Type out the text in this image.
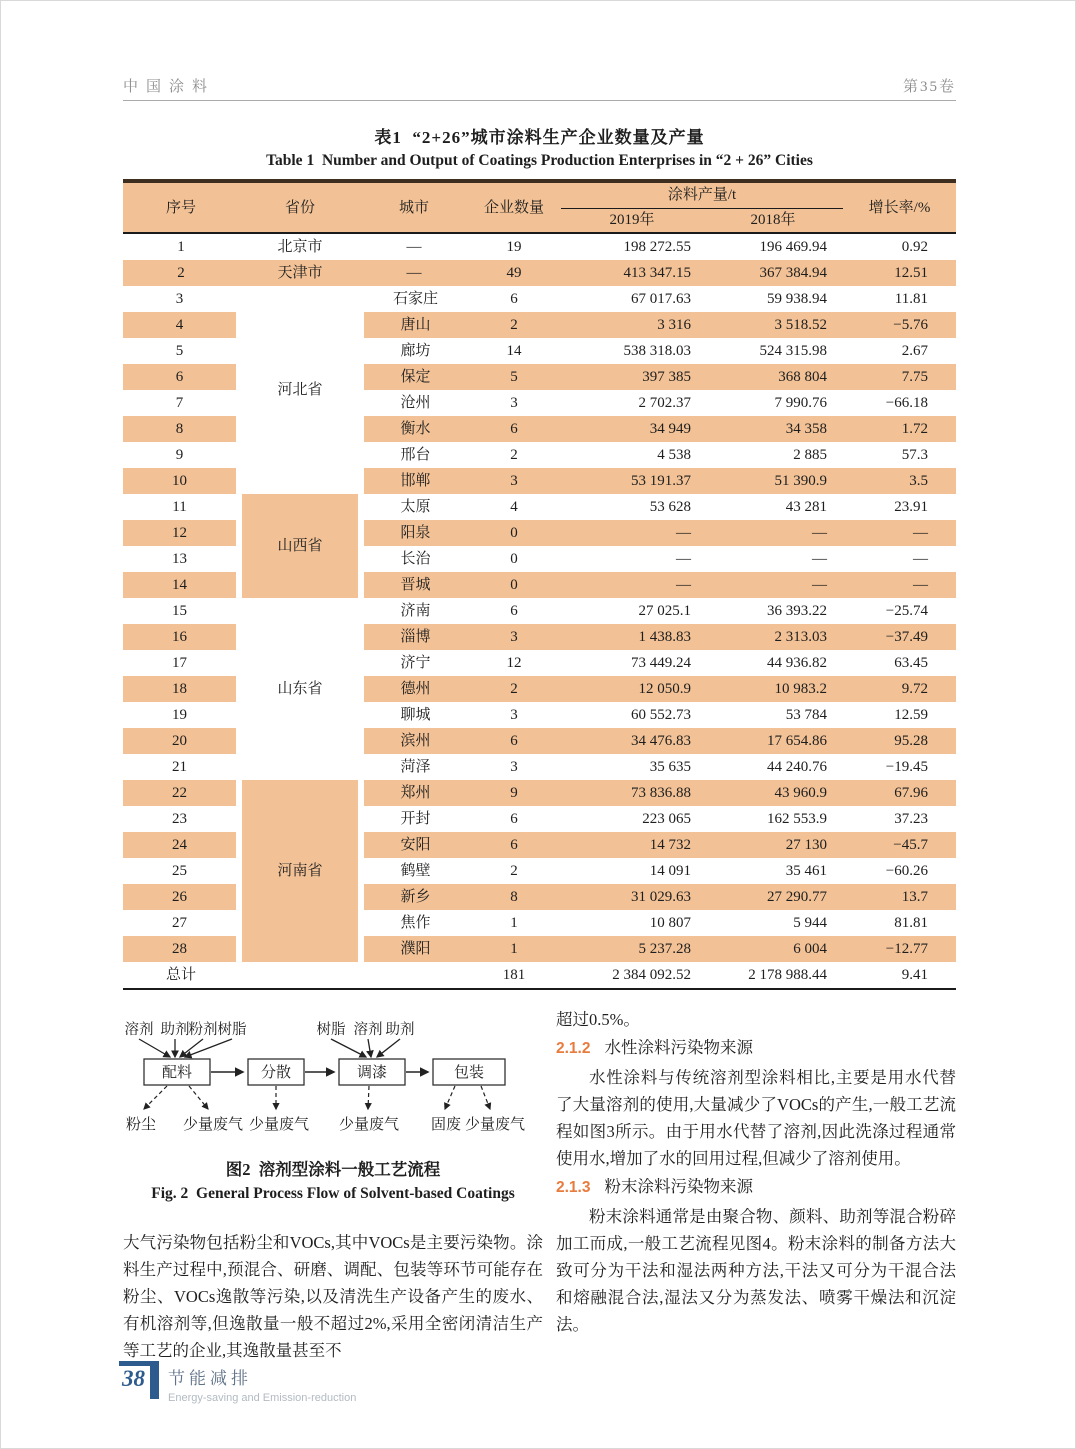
中国涂料	第35卷
表1  “2+26”城市涂料生产企业数量及产量
Table 1  Number and Output of Coatings Production Enterprises in “2 + 26” Cities
序号	省份	城市	企业数量	涂料产量/t		增长率/%
				2019年	2018年	
1	北京市	—	19	198 272.55	196 469.94	0.92
2	天津市	—	49	413 347.15	367 384.94	12.51
3	河北省	石家庄	6	67 017.63	59 938.94	11.81
4		唐山	2	3 316	3 518.52	−5.76
5		廊坊	14	538 318.03	524 315.98	2.67
6		保定	5	397 385	368 804	7.75
7		沧州	3	2 702.37	7 990.76	−66.18
8		衡水	6	34 949	34 358	1.72
9		邢台	2	4 538	2 885	57.3
10		邯郸	3	53 191.37	51 390.9	3.5
11	山西省	太原	4	53 628	43 281	23.91
12		阳泉	0	—	—	—
13		长治	0	—	—	—
14		晋城	0	—	—	—
15	山东省	济南	6	27 025.1	36 393.22	−25.74
16		淄博	3	1 438.83	2 313.03	−37.49
17		济宁	12	73 449.24	44 936.82	63.45
18		德州	2	12 050.9	10 983.2	9.72
19		聊城	3	60 552.73	53 784	12.59
20		滨州	6	34 476.83	17 654.86	95.28
21		菏泽	3	35 635	44 240.76	−19.45
22	河南省	郑州	9	73 836.88	43 960.9	67.96
23		开封	6	223 065	162 553.9	37.23
24		安阳	6	14 732	27 130	−45.7
25		鹤壁	2	14 091	35 461	−60.26
26		新乡	8	31 029.63	27 290.77	13.7
27		焦作	1	10 807	5 944	81.81
28		濮阳	1	5 237.28	6 004	−12.77
总计			181	2 384 092.52	2 178 988.44	9.41
溶剂 助剂 粉剂 树脂	树脂 溶剂 助剂
配料	分散	调漆	包装
粉尘 少量废气 少量废气 少量废气 固废 少量废气
图2  溶剂型涂料一般工艺流程
Fig. 2  General Process Flow of Solvent-based Coatings

大气污染物包括粉尘和VOCs,其中VOCs是主要污染物。涂料生产过程中,预混合、研磨、调配、包装等环节可能存在粉尘、VOCs逸散等污染,以及清洗生产设备产生的废水、有机溶剂等,但逸散量一般不超过2%,采用全密闭清洁生产等工艺的企业,其逸散量甚至不

超过0.5%。

2.1.2 水性涂料污染物来源

水性涂料与传统溶剂型涂料相比,主要是用水代替了大量溶剂的使用,大量减少了VOCs的产生,一般工艺流程如图3所示。由于用水代替了溶剂,因此洗涤过程通常使用水,增加了水的回用过程,但减少了溶剂使用。

2.1.3 粉末涂料污染物来源

粉末涂料通常是由聚合物、颜料、助剂等混合粉碎加工而成,一般工艺流程见图4。粉末涂料的制备方法大致可分为干法和湿法两种方法,干法又可分为干混合法和熔融混合法,湿法又分为蒸发法、喷雾干燥法和沉淀法。

38	节能减排
Energy-saving and Emission-reduction
